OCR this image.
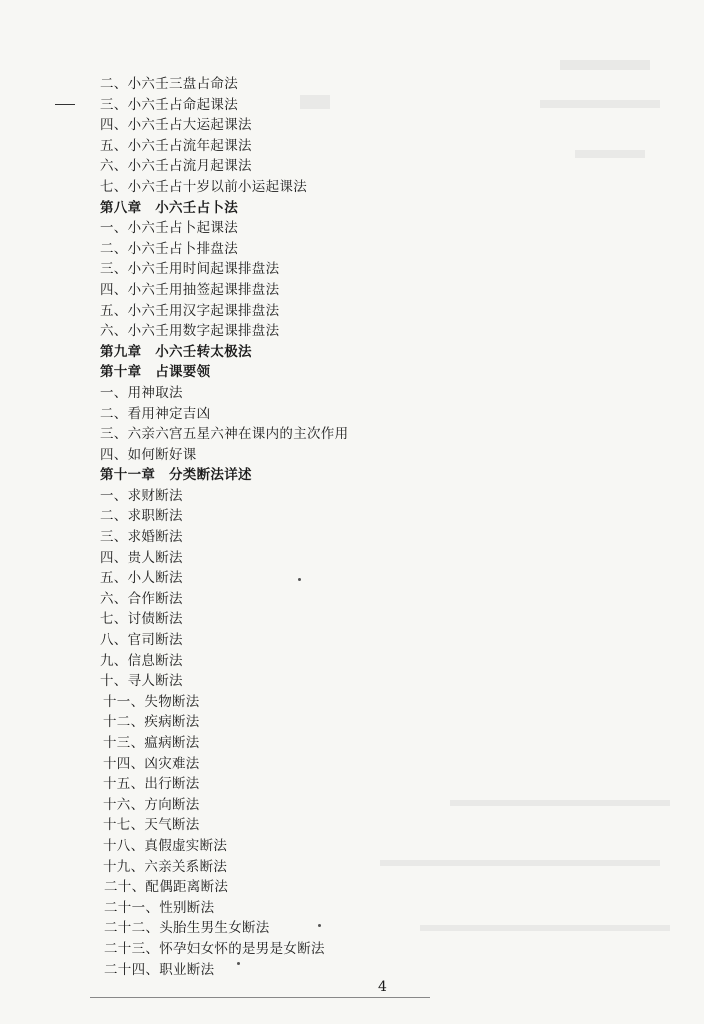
二、小六壬三盘占命法
三、小六壬占命起课法
四、小六壬占大运起课法
五、小六壬占流年起课法
六、小六壬占流月起课法
七、小六壬占十岁以前小运起课法
第八章　小六壬占卜法
一、小六壬占卜起课法
二、小六壬占卜排盘法
三、小六壬用时间起课排盘法
四、小六壬用抽签起课排盘法
五、小六壬用汉字起课排盘法
六、小六壬用数字起课排盘法
第九章　小六壬转太极法
第十章　占课要领
一、用神取法
二、看用神定吉凶
三、六亲六宫五星六神在课内的主次作用
四、如何断好课
第十一章　分类断法详述
一、求财断法
二、求职断法
三、求婚断法
四、贵人断法
五、小人断法
六、合作断法
七、讨债断法
八、官司断法
九、信息断法
十、寻人断法
十一、失物断法
十二、疾病断法
十三、瘟病断法
十四、凶灾难法
十五、出行断法
十六、方向断法
十七、天气断法
十八、真假虚实断法
十九、六亲关系断法
二十、配偶距离断法
二十一、性别断法
二十二、头胎生男生女断法
二十三、怀孕妇女怀的是男是女断法
二十四、职业断法
4
